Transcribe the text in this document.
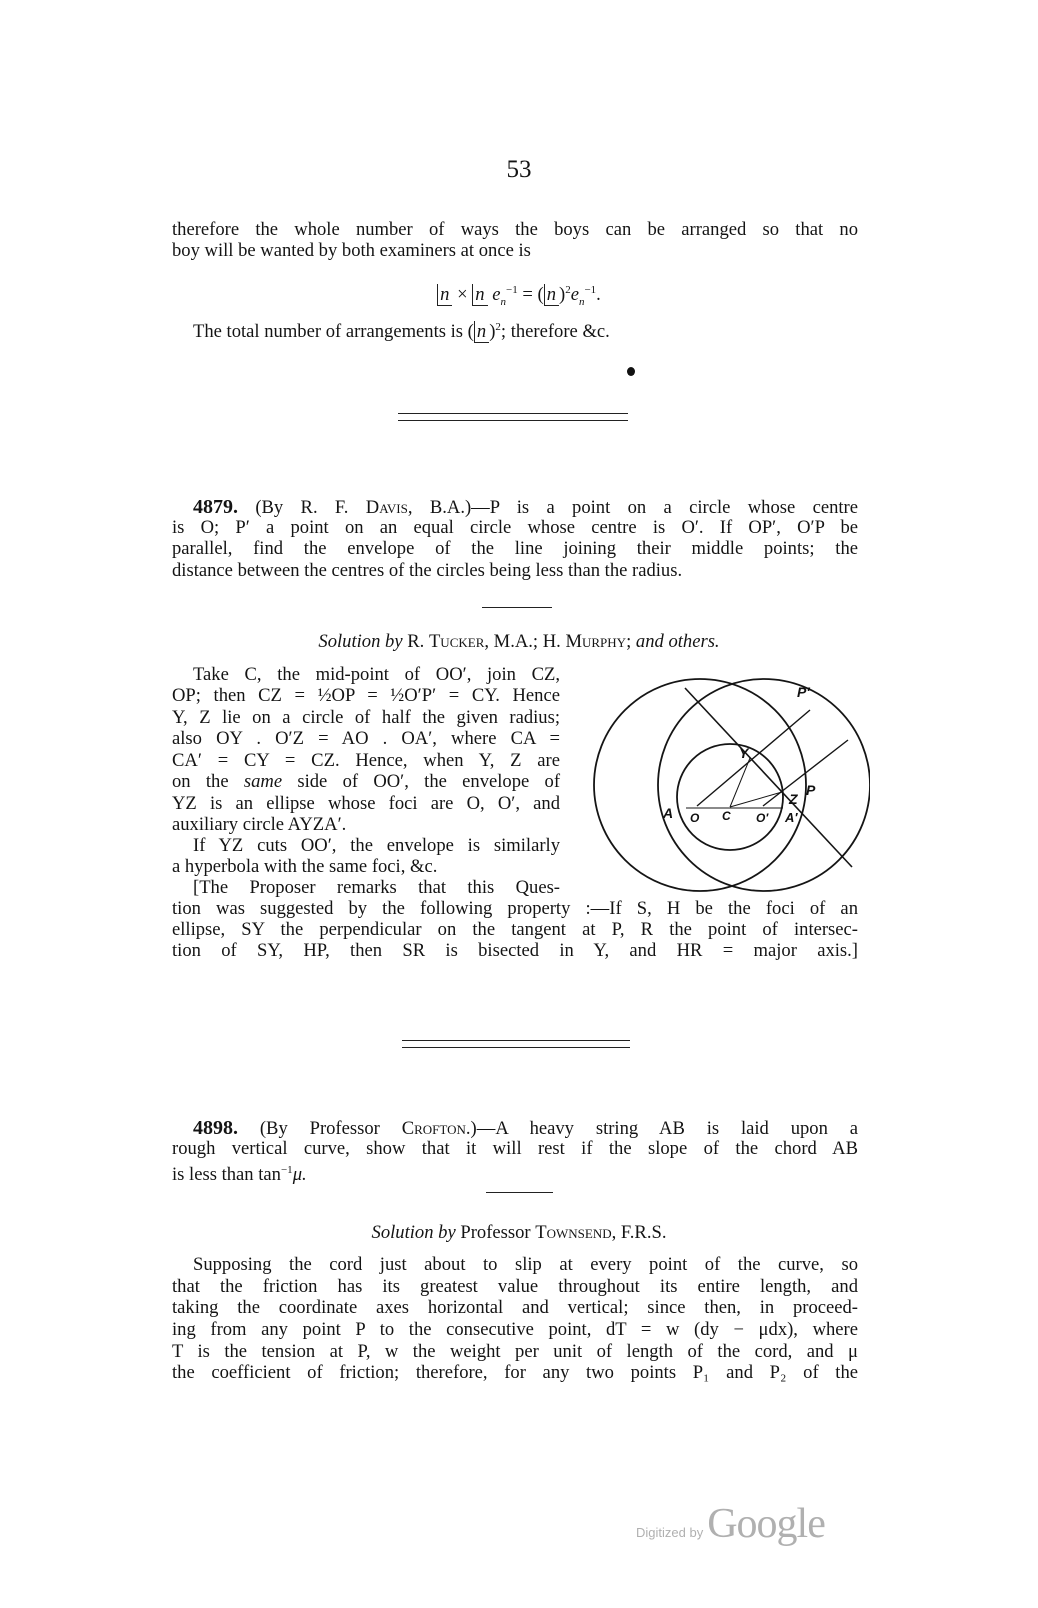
53
therefore the whole number of ways the boys can be arranged so that no
boy will be wanted by both examiners at once is
n × n $e_n^{-1}$ = ( n )$^2e_n^{-1}$.
The total number of arrangements is ( n )$^2$; therefore &c.
4879. (By R. F. Davis, B.A.)—P is a point on a circle whose centre
is O; P′ a point on an equal circle whose centre is O′. If OP′, O′P be
parallel, find the envelope of the line joining their middle points; the
distance between the centres of the circles being less than the radius.
Solution by R. Tucker, M.A.; H. Murphy; and others.
Take C, the mid-point of OO′, join CZ,
OP; then CZ = ½OP = ½O′P′ = CY. Hence
Y, Z lie on a circle of half the given radius;
also OY . O′Z = AO . OA′, where CA =
CA′ = CY = CZ. Hence, when Y, Z are
on the same side of OO′, the envelope of
YZ is an ellipse whose foci are O, O′, and
auxiliary circle AYZA′.
If YZ cuts OO′, the envelope is similarly
a hyperbola with the same foci, &c.
[The Proposer remarks that this Ques-
tion was suggested by the following property :—If S, H be the foci of an
ellipse, SY the perpendicular on the tangent at P, R the point of intersec-
tion of SY, HP, then SR is bisected in Y, and HR = major axis.]
P′
Y
Z
P
A O C O′ A′
4898. (By Professor Crofton.)—A heavy string AB is laid upon a
rough vertical curve, show that it will rest if the slope of the chord AB
is less than $\tan^{-1}\mu$.
Solution by Professor Townsend, F.R.S.
Supposing the cord just about to slip at every point of the curve, so
that the friction has its greatest value throughout its entire length, and
taking the coordinate axes horizontal and vertical; since then, in proceed-
ing from any point P to the consecutive point, dT = w (dy − μdx), where
T is the tension at P, w the weight per unit of length of the cord, and μ
the coefficient of friction; therefore, for any two points P₁ and P₂ of the
Digitized by Google
